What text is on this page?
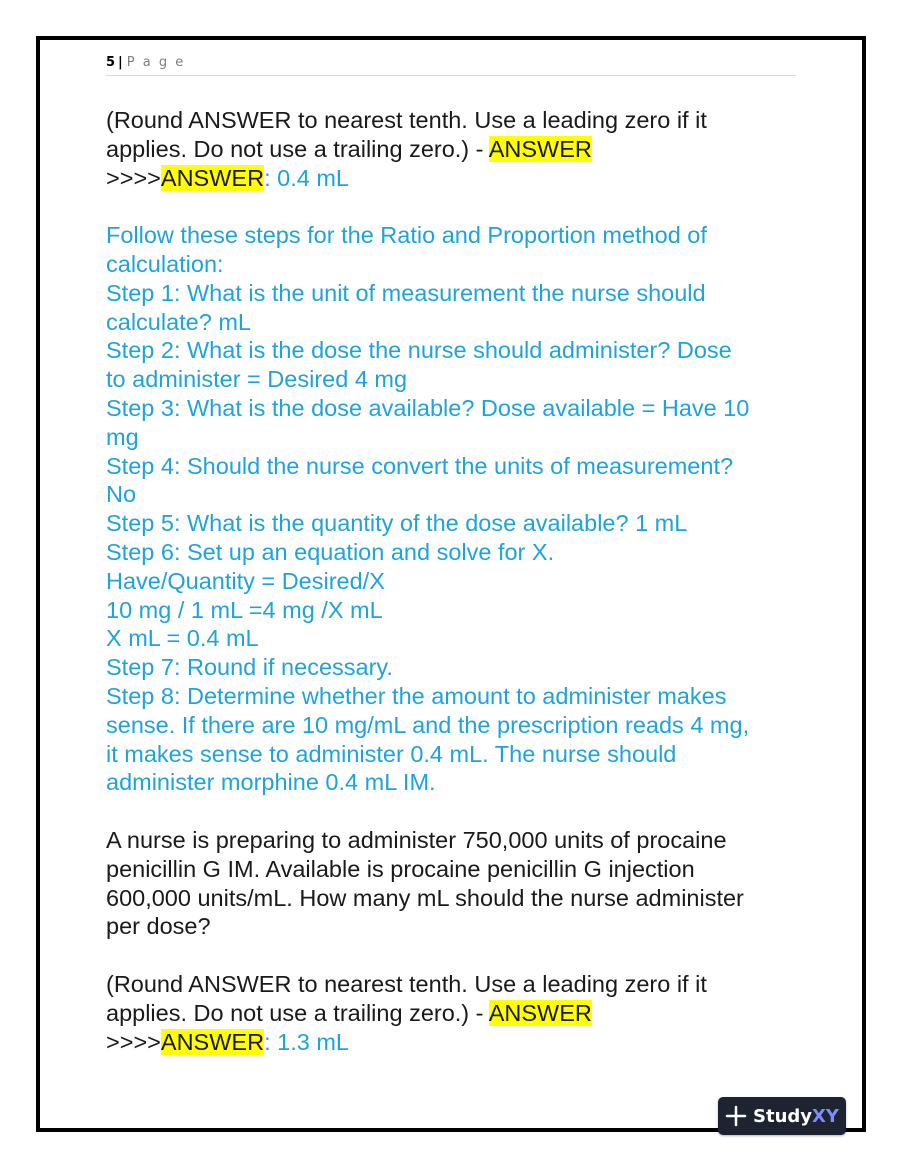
5 | P a g e
(Round ANSWER to nearest tenth. Use a leading zero if it
applies. Do not use a trailing zero.) - ANSWER
>>>>ANSWER: 0.4 mL
Follow these steps for the Ratio and Proportion method of
calculation:
Step 1: What is the unit of measurement the nurse should
calculate? mL
Step 2: What is the dose the nurse should administer? Dose
to administer = Desired 4 mg
Step 3: What is the dose available? Dose available = Have 10
mg
Step 4: Should the nurse convert the units of measurement?
No
Step 5: What is the quantity of the dose available? 1 mL
Step 6: Set up an equation and solve for X.
Have/Quantity = Desired/X
10 mg / 1 mL =4 mg /X mL
X mL = 0.4 mL
Step 7: Round if necessary.
Step 8: Determine whether the amount to administer makes
sense. If there are 10 mg/mL and the prescription reads 4 mg,
it makes sense to administer 0.4 mL. The nurse should
administer morphine 0.4 mL IM.
A nurse is preparing to administer 750,000 units of procaine
penicillin G IM. Available is procaine penicillin G injection
600,000 units/mL. How many mL should the nurse administer
per dose?
(Round ANSWER to nearest tenth. Use a leading zero if it
applies. Do not use a trailing zero.) - ANSWER
>>>>ANSWER: 1.3 mL
Study XY
